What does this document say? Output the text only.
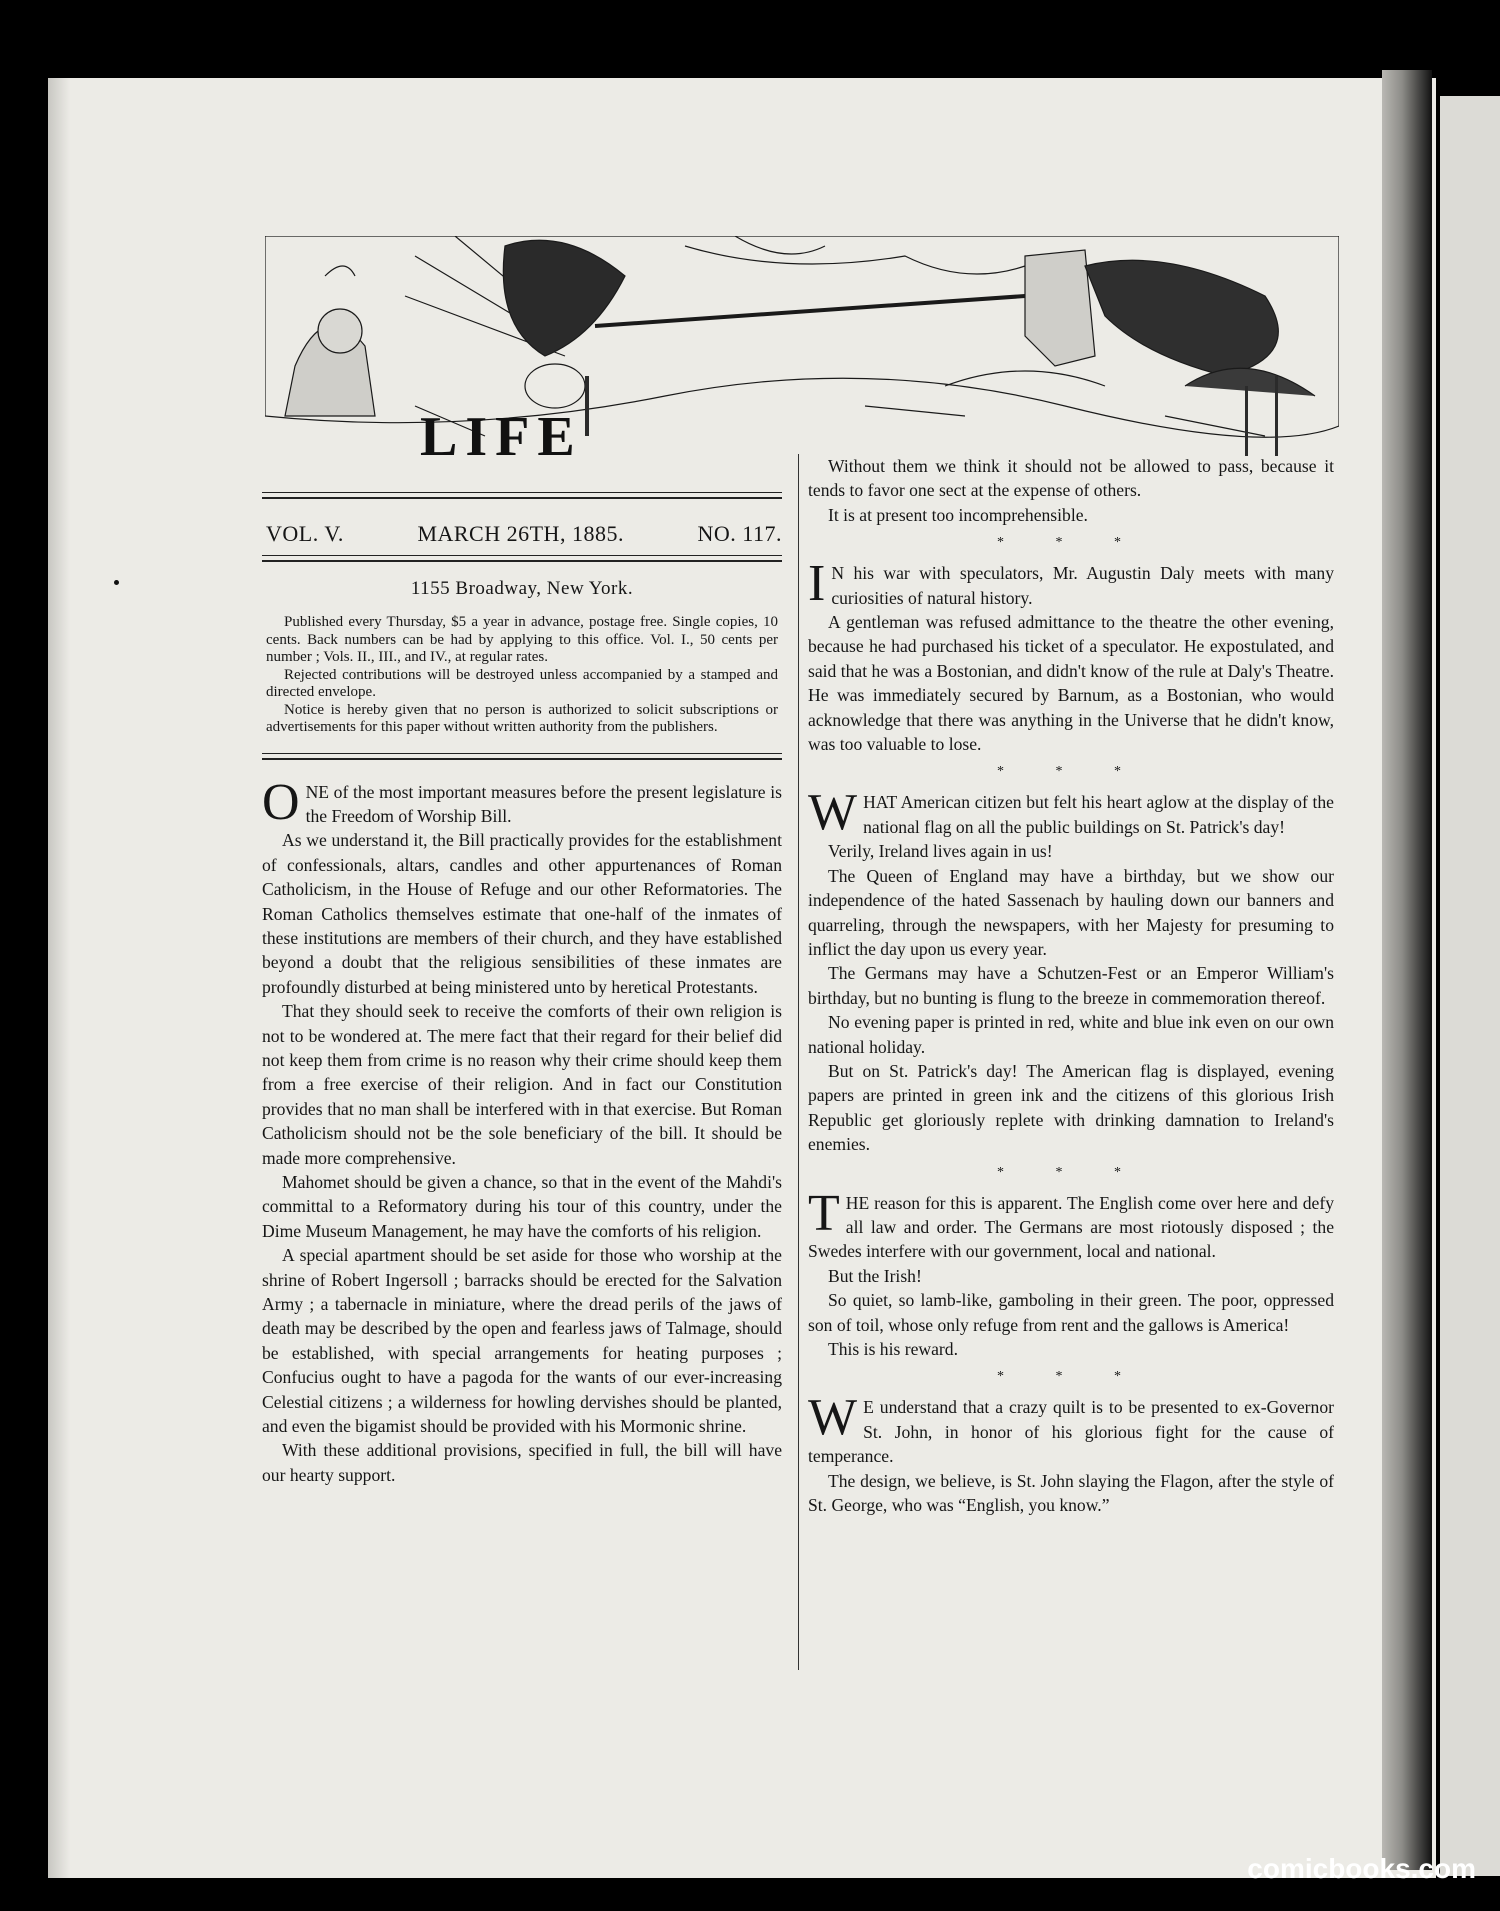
LIFE
VOL. V.	MARCH 26TH, 1885.	NO. 117.
1155 Broadway, New York.

Published every Thursday, $5 a year in advance, postage free. Single copies, 10 cents. Back numbers can be had by applying to this office. Vol. I., 50 cents per number ; Vols. II., III., and IV., at regular rates.

Rejected contributions will be destroyed unless accompanied by a stamped and directed envelope.

Notice is hereby given that no person is authorized to solicit subscriptions or advertisements for this paper without written authority from the publishers.

ONE of the most important measures before the present legislature is the Freedom of Worship Bill.

As we understand it, the Bill practically provides for the establishment of confessionals, altars, candles and other appurtenances of Roman Catholicism, in the House of Refuge and our other Reformatories. The Roman Catholics themselves estimate that one-half of the inmates of these institutions are members of their church, and they have established beyond a doubt that the religious sensibilities of these inmates are profoundly disturbed at being ministered unto by heretical Protestants.

That they should seek to receive the comforts of their own religion is not to be wondered at. The mere fact that their regard for their belief did not keep them from crime is no reason why their crime should keep them from a free exercise of their religion. And in fact our Constitution provides that no man shall be interfered with in that exercise. But Roman Catholicism should not be the sole beneficiary of the bill. It should be made more comprehensive.

Mahomet should be given a chance, so that in the event of the Mahdi's committal to a Reformatory during his tour of this country, under the Dime Museum Management, he may have the comforts of his religion.

A special apartment should be set aside for those who worship at the shrine of Robert Ingersoll ; barracks should be erected for the Salvation Army ; a tabernacle in miniature, where the dread perils of the jaws of death may be described by the open and fearless jaws of Talmage, should be established, with special arrangements for heating purposes ; Confucius ought to have a pagoda for the wants of our ever-increasing Celestial citizens ; a wilderness for howling dervishes should be planted, and even the bigamist should be provided with his Mormonic shrine.

With these additional provisions, specified in full, the bill will have our hearty support.

Without them we think it should not be allowed to pass, because it tends to favor one sect at the expense of others.

It is at present too incomprehensible.

* * *

I N his war with speculators, Mr. Augustin Daly meets with many curiosities of natural history.

A gentleman was refused admittance to the theatre the other evening, because he had purchased his ticket of a speculator. He expostulated, and said that he was a Bostonian, and didn't know of the rule at Daly's Theatre. He was immediately secured by Barnum, as a Bostonian, who would acknowledge that there was anything in the Universe that he didn't know, was too valuable to lose.

* * *

WHAT American citizen but felt his heart aglow at the display of the national flag on all the public buildings on St. Patrick's day!

Verily, Ireland lives again in us!

The Queen of England may have a birthday, but we show our independence of the hated Sassenach by hauling down our banners and quarreling, through the newspapers, with her Majesty for presuming to inflict the day upon us every year.

The Germans may have a Schutzen-Fest or an Emperor William's birthday, but no bunting is flung to the breeze in commemoration thereof.

No evening paper is printed in red, white and blue ink even on our own national holiday.

But on St. Patrick's day! The American flag is displayed, evening papers are printed in green ink and the citizens of this glorious Irish Republic get gloriously replete with drinking damnation to Ireland's enemies.

* * *

THE reason for this is apparent. The English come over here and defy all law and order. The Germans are most riotously disposed ; the Swedes interfere with our government, local and national.

But the Irish!

So quiet, so lamb-like, gamboling in their green. The poor, oppressed son of toil, whose only refuge from rent and the gallows is America!

This is his reward.

* * *

W E understand that a crazy quilt is to be presented to ex-Governor St. John, in honor of his glorious fight for the cause of temperance.

The design, we believe, is St. John slaying the Flagon, after the style of St. George, who was “English, you know.”

comicbooks.com
